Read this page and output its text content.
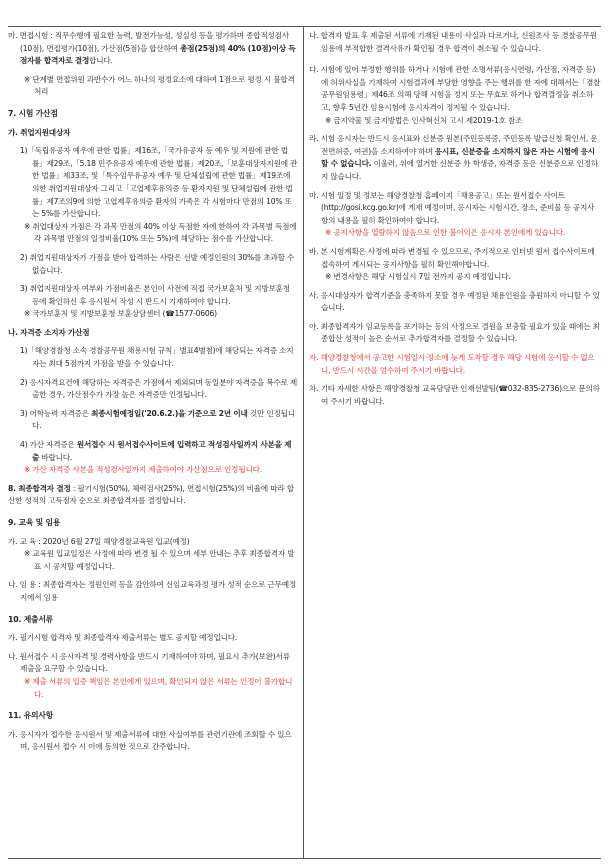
마. 면접시험 : 직무수행에 필요한 능력, 발전가능성, 성실성 등을 평가하며 종합적성검사(10점), 면접평가(10점), 가산점(5점)을 합산하여 총점(25점)의 40% (10점)이상 득점자를 합격자로 결정합니다.

※ 단계별 면접위원 과반수가 어느 하나의 평정요소에 대하여 1점으로 평정 시 불합격처리

7. 시험 가산점

가. 취업지원대상자

1)「독립유공자 예우에 관한 법률」제16조,「국가유공자 등 예우 및 지원에 관한 법률」제29조,「5.18 민주유공자 예우에 관한 법률」제20조,「보훈대상자지원에 관한 법률」제33조, 및「특수임무유공자 예우 및 단체설립에 관한 법률」제19조에 의한 취업지원대상자 그리고「고엽제후유의증 등 환자지원 및 단체설립에 관한 법률」제7조의9에 의한 고엽제후유의증 환자의 가족은 각 시험마다 만점의 10% 또는 5%를 가산합니다.

※ 취업대상자 가점은 각 과목 만점의 40% 이상 득점한 자에 한하여 각 과목별 득점에 각 과목별 만점의 일정비율(10% 또는 5%)에 해당하는 점수를 가산합니다.

2) 취업지원대상자가 가점을 받아 합격하는 사람은 선발 예정인원의 30%를 초과할 수 없습니다.

3) 취업지원대상자 여부와 가점비율은 본인이 사전에 직접 국가보훈처 및 지방보훈청 등에 확인하신 후 응시원서 작성 시 반드시 기재하여야 합니다.

※ 국가보훈처 및 지방보훈청 보훈상담센터 (☎1577-0606)

나. 자격증 소지자 가산점

1)「해양경찰청 소속 경찰공무원 채용시험 규칙」별표4별첨)에 해당되는 자격증 소지자는 최대 5점까지 가점을 받을 수 있습니다.

2) 응시자격요건에 해당하는 자격증은 가점에서 제외되며 동일분야 자격증을 복수로 제출한 경우, 가산점수가 가장 높은 자격증만 인정됩니다.

3) 어학능력 자격증은 최종시험예정일('20.6.2.)을 기준으로 2년 이내 것만 인정됩니다.

4) 가산 자격증은 원서접수 시 원서접수사이트에 입력하고 적성검사일까지 사본을 제출 바랍니다.

※ 가산 자격증 사본을 적성검사일까지 제출하여야 가산점으로 인정됩니다.

8. 최종합격자 결정 : 필기시험(50%), 체력검사(25%), 면접시험(25%)의 비율에 따라 합산한 성적의 고득점자 순으로 최종합격자를 결정합니다.

9. 교육 및 임용

가. 교 육 : 2020년 6월 27일 해양경찰교육원 입교(예정)

※ 교육원 입교일정은 사정에 따라 변경 될 수 있으며 세부 안내는 추후 최종합격자 발표 시 공지할 예정입니다.

나. 임 용 : 최종합격자는 정원인력 등을 감안하여 신임교육과정 평가 성적 순으로 근무예정지에서 임용

10. 제출서류

가. 필기시험 합격자 및 최종합격자 제출서류는 별도 공지할 예정입니다.

나. 원서접수 시 응시자격 및 경력사항을 반드시 기재하여야 하며, 필요시 추가(보완)서류 제출을 요구할 수 있습니다.

※ 제출 서류의 입증 책임은 본인에게 있으며, 확인되지 않은 서류는 인정이 불가합니다.

11. 유의사항

가. 응시자가 접수한 응시원서 및 제출서류에 대한 사실여부를 관련기관에 조회할 수 있으며, 응시원서 접수 시 이에 동의한 것으로 간주합니다.

나. 합격자 발표 후 제출된 서류에 기재된 내용이 사실과 다르거나, 신원조사 등 경찰공무원 임용에 부적합한 결격사유가 확인될 경우 합격이 취소될 수 있습니다.

다. 시험에 있어 부정한 행위를 하거나 시험에 관한 소명서류(응시연령, 가산점, 자격증 등)에 허위사실을 기재하여 시험결과에 부당한 영향을 주는 행위를 한 자에 대해서는「경찰공무원임용령」제46조 의해 당해 시험을 정지 또는 무효로 하거나 합격결정을 취소하고, 향후 5년간 임용시험에 응시자격이 정지될 수 있습니다.

※ 금지약물 및 금지방법은 인사혁신처 고시 제2019-1호 참조

라. 시험 응시자는 반드시 응시표와 신분증 원본(주민등록증, 주민등록 발급신청 확인서, 운전면허증, 여권)을 소지하여야 하며 응시표, 신분증을 소지하지 않은 자는 시험에 응시할 수 없습니다. 이울러, 위에 열거한 신분증 外 학생증, 자격증 등은 신분증으로 인정하지 않습니다.

마. 시험 일정 및 정보는 해양경찰청 홈페이지「채용공고」또는 원서접수 사이트(http://gosi.kcg.go.kr)에 게재 예정이며, 응시자는 시험시간, 장소, 준비물 등 공지사항의 내용을 필히 확인하여야 합니다.

※ 공지사항을 열람하지 않음으로 인한 불이익은 응시자 본인에게 있습니다.

바. 본 시험계획은 사정에 따라 변경될 수 있으므로, 주기적으로 인터넷 원서 접수사이트에 접속하여 게시되는 공지사항을 필히 확인해야합니다.

※ 변경사항은 해당 시험실시 7일 전까지 공지 예정입니다.

사. 응시대상자가 합격기준을 충족하지 못할 경우 예정된 채용인원을 충원하지 아니할 수 있습니다.

아. 최종합격자가 임교등록을 포기하는 등의 사정으로 결원을 보충할 필요가 있을 때에는 최종합산 성적이 높은 순서로 추가합격자를 결정할 수 있습니다.

자. 해양경찰청에서 공고한 시험일시·장소에 늦게 도착할 경우 해당 시험에 응시할 수 없으니, 반드시 시간을 엄수하여 주시기 바랍니다.

차. 기타 자세한 사항은 해양경찰청 교육담당관 인재선발팀(☎032-835-2736)으로 문의하여 주시기 바랍니다.
